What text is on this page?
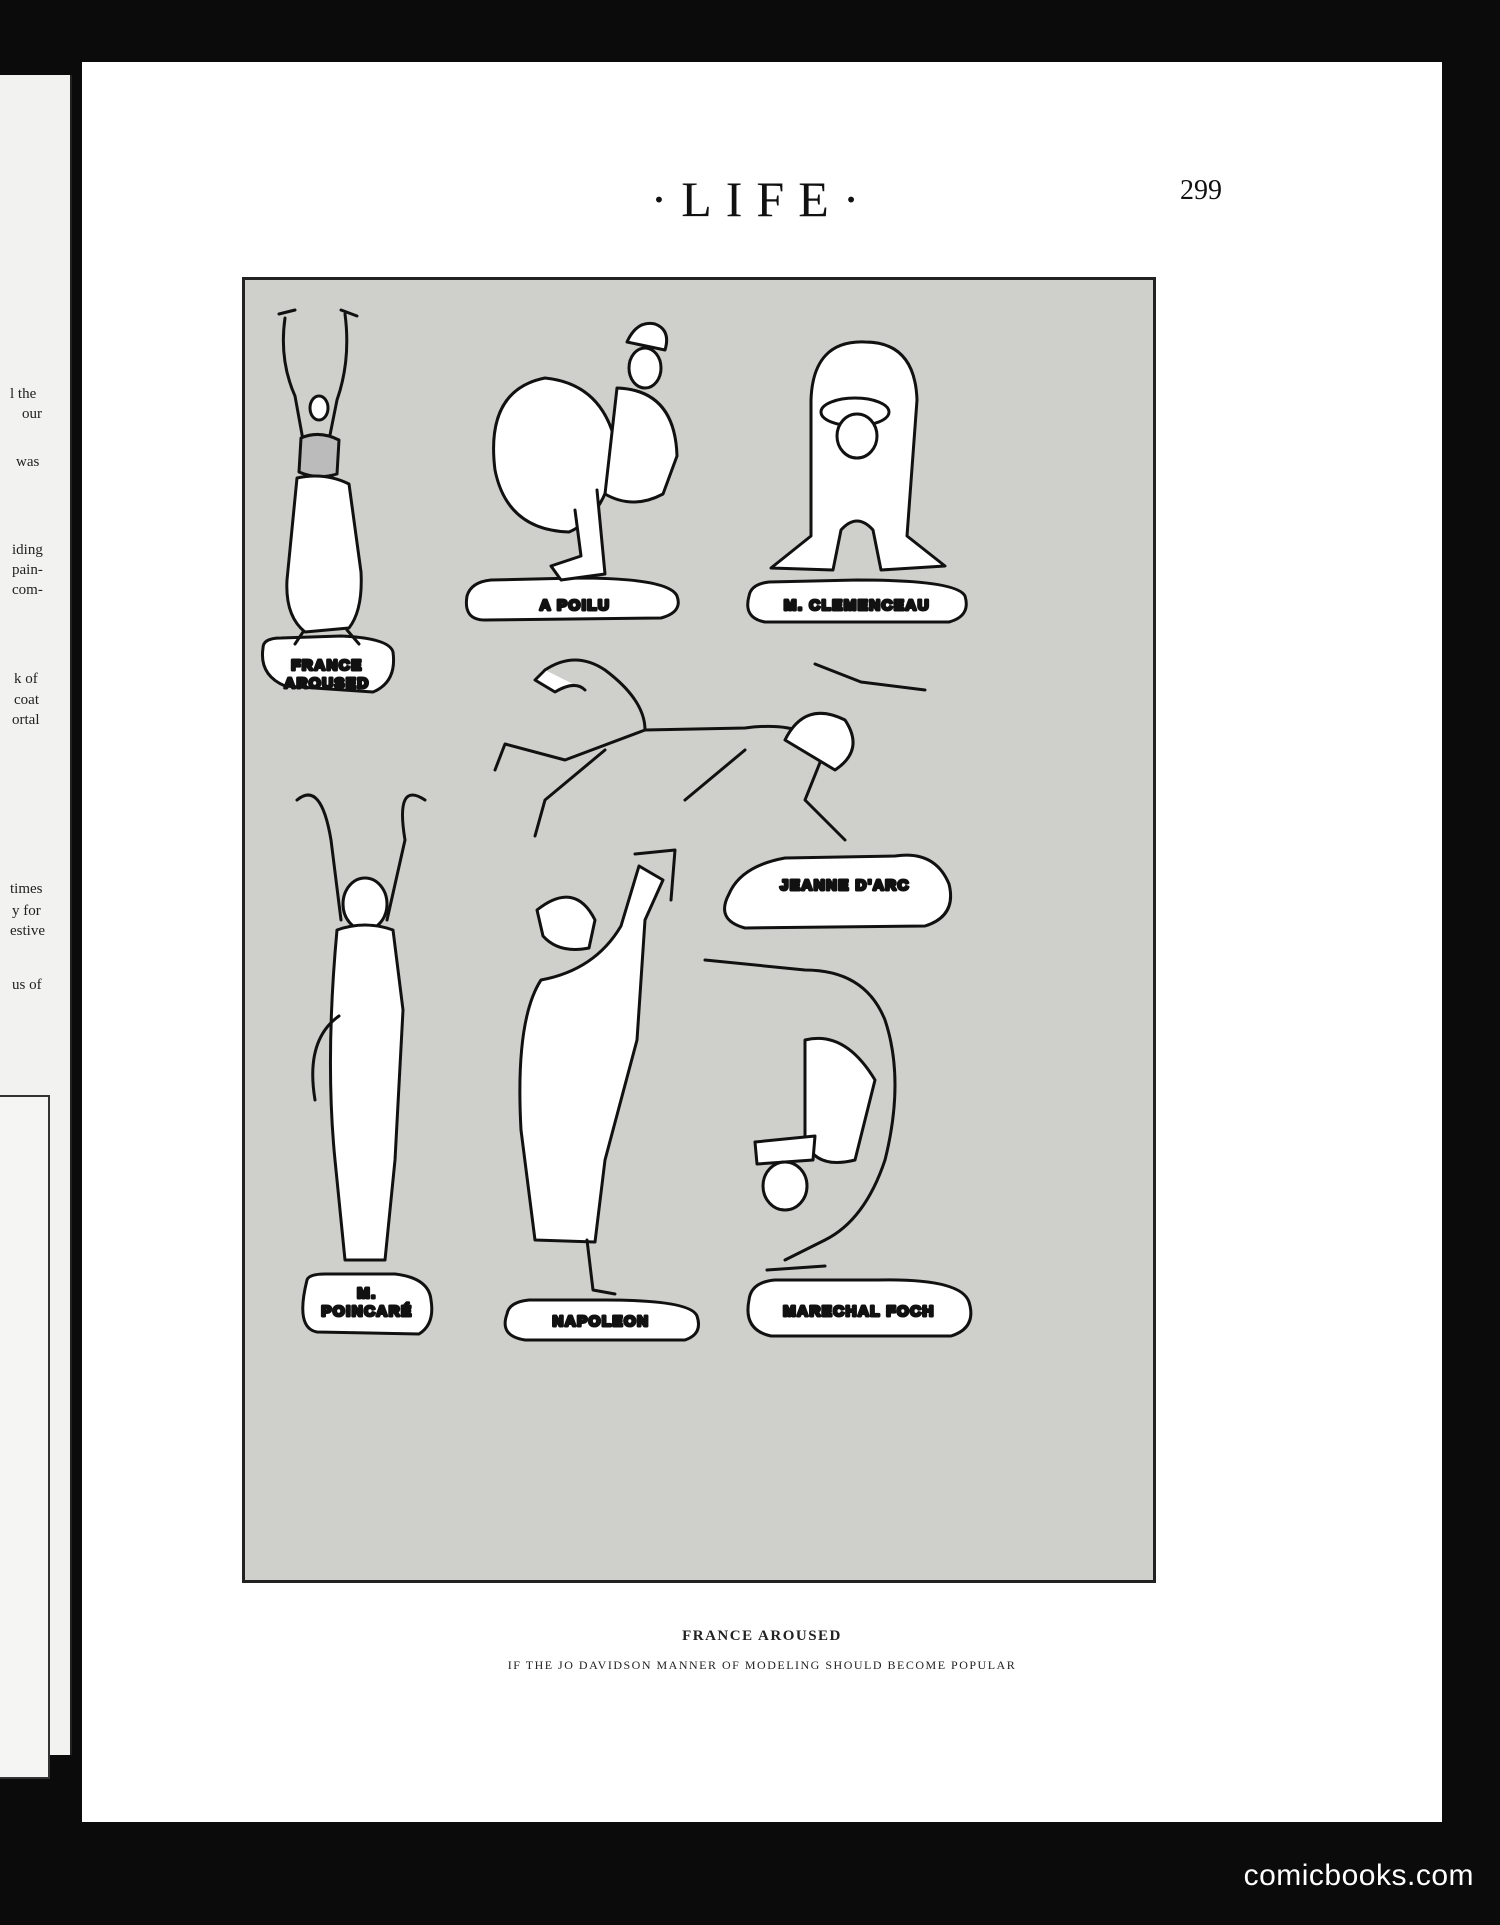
l the
our
was
iding
pain-
com-
k of
coat
ortal
times
y for
estive
us of
·LIFE·	299
FRANCE
AROUSED
A POILU	M. CLEMENCEAU
JEANNE D'ARC
M.
POINCARÉ
NAPOLEON
MARECHAL FOCH
FRANCE AROUSED
IF THE JO DAVIDSON MANNER OF MODELING SHOULD BECOME POPULAR
comicbooks.com
